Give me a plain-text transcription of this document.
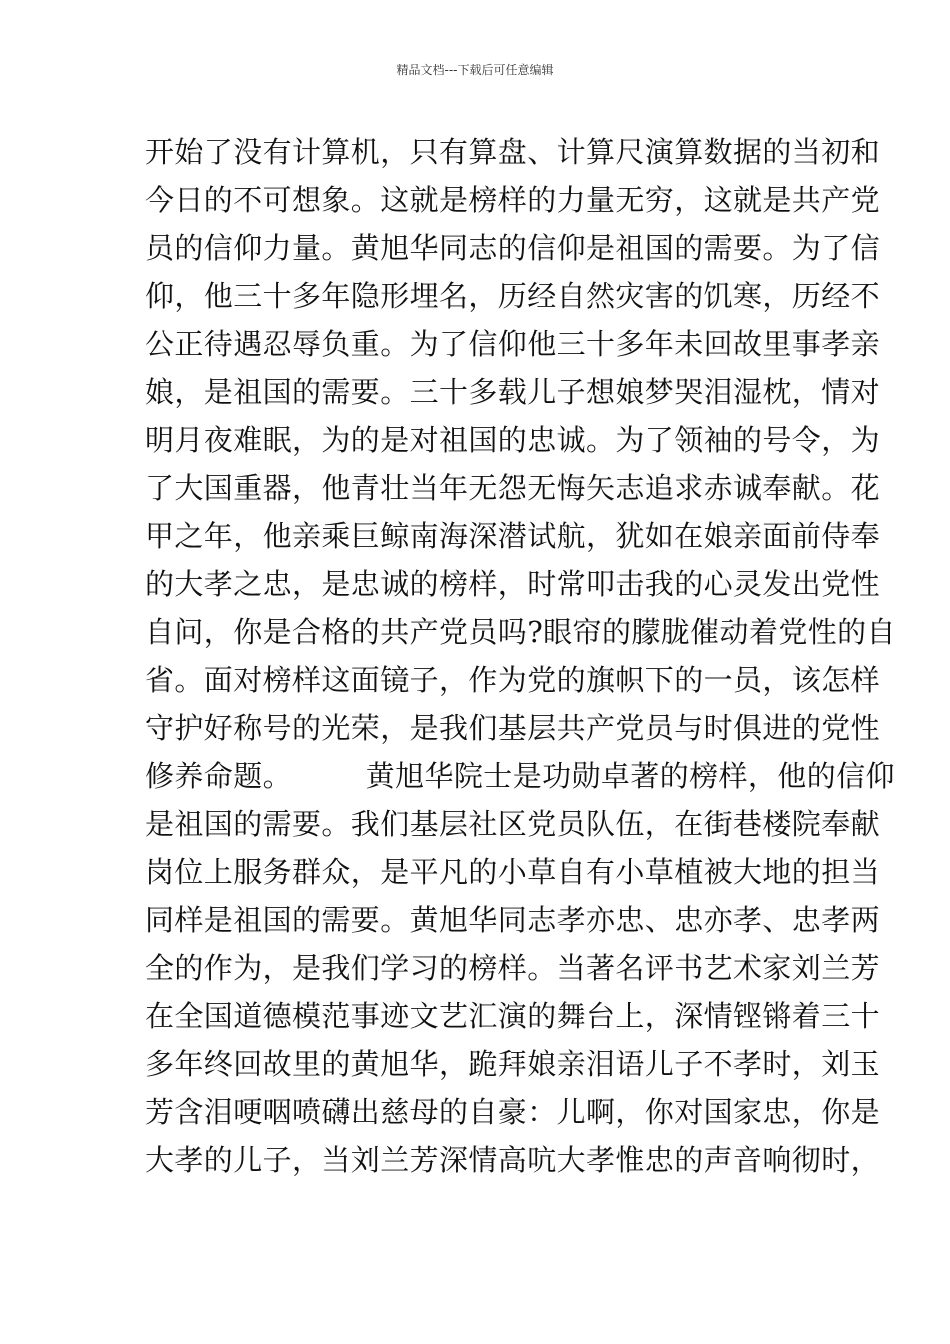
精品文档---下载后可任意编辑
开始了没有计算机，只有算盘、计算尺演算数据的当初和
今日的不可想象。这就是榜样的力量无穷，这就是共产党
员的信仰力量。黄旭华同志的信仰是祖国的需要。为了信
仰，他三十多年隐形埋名，历经自然灾害的饥寒，历经不
公正待遇忍辱负重。为了信仰他三十多年未回故里事孝亲
娘，是祖国的需要。三十多载儿子想娘梦哭泪湿枕，情对
明月夜难眠，为的是对祖国的忠诚。为了领袖的号令，为
了大国重器，他青壮当年无怨无悔矢志追求赤诚奉献。花
甲之年，他亲乘巨鲸南海深潜试航，犹如在娘亲面前侍奉
的大孝之忠，是忠诚的榜样，时常叩击我的心灵发出党性
自问，你是合格的共产党员吗?眼帘的朦胧催动着党性的自
省。面对榜样这面镜子，作为党的旗帜下的一员，该怎样
守护好称号的光荣，是我们基层共产党员与时俱进的党性
修养命题。　　　黄旭华院士是功勋卓著的榜样，他的信仰
是祖国的需要。我们基层社区党员队伍，在街巷楼院奉献
岗位上服务群众，是平凡的小草自有小草植被大地的担当
同样是祖国的需要。黄旭华同志孝亦忠、忠亦孝、忠孝两
全的作为，是我们学习的榜样。当著名评书艺术家刘兰芳
在全国道德模范事迹文艺汇演的舞台上，深情铿锵着三十
多年终回故里的黄旭华，跪拜娘亲泪语儿子不孝时，刘玉
芳含泪哽咽喷礴出慈母的自豪：儿啊，你对国家忠，你是
大孝的儿子，当刘兰芳深情高吭大孝惟忠的声音响彻时，
